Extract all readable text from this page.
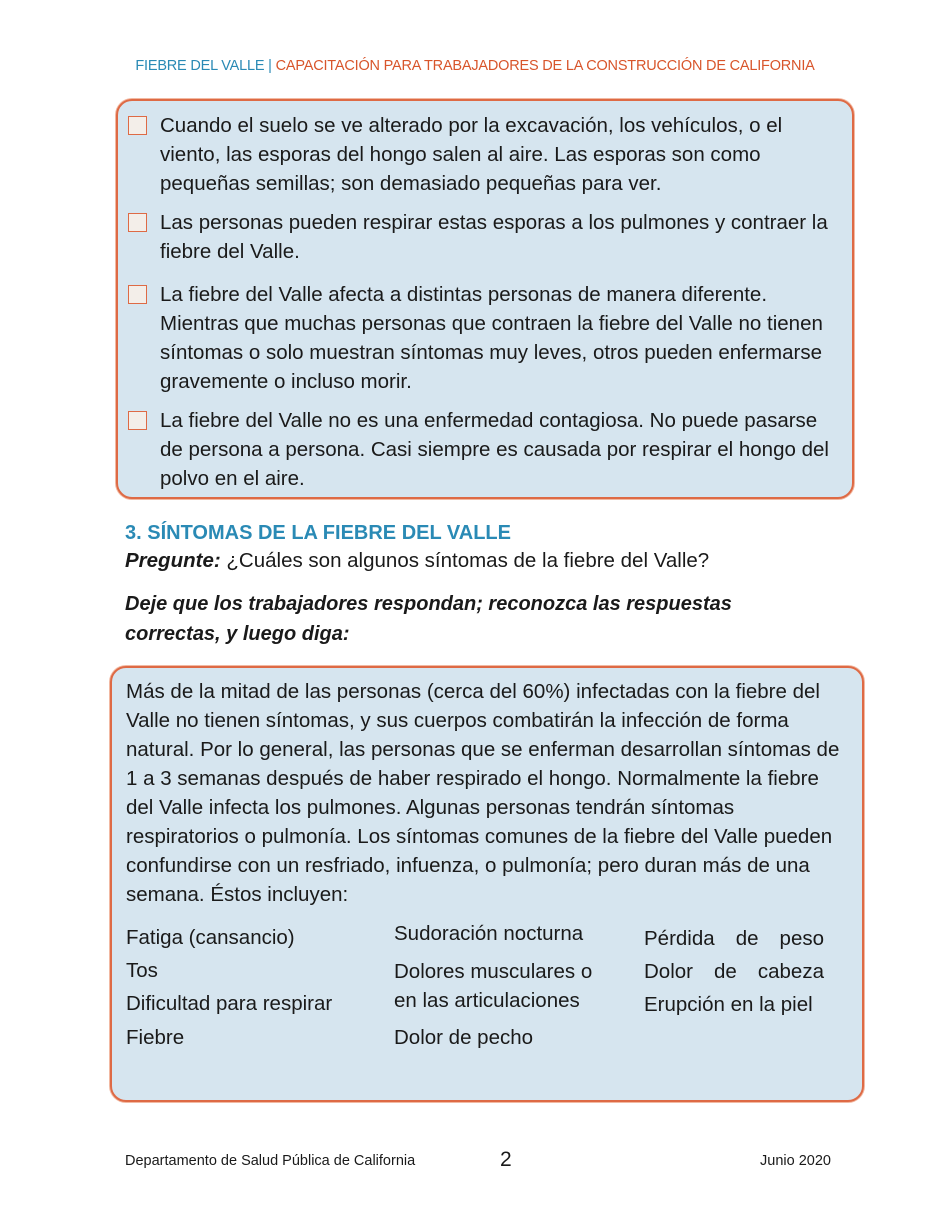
FIEBRE DEL VALLE | CAPACITACIÓN PARA TRABAJADORES DE LA CONSTRUCCIÓN DE CALIFORNIA
Cuando el suelo se ve alterado por la excavación, los vehículos, o el viento, las esporas del hongo salen al aire. Las esporas son como pequeñas semillas; son demasiado pequeñas para ver.
Las personas pueden respirar estas esporas a los pulmones y contraer la fiebre del Valle.
La fiebre del Valle afecta a distintas personas de manera diferente. Mientras que muchas personas que contraen la fiebre del Valle no tienen síntomas o solo muestran síntomas muy leves, otros pueden enfermarse gravemente o incluso morir.
La fiebre del Valle no es una enfermedad contagiosa. No puede pasarse de persona a persona. Casi siempre es causada por respirar el hongo del polvo en el aire.
3. SÍNTOMAS DE LA FIEBRE DEL VALLE
Pregunte: ¿Cuáles son algunos síntomas de la fiebre del Valle?
Deje que los trabajadores respondan; reconozca las respuestas correctas, y luego diga:
Más de la mitad de las personas (cerca del 60%) infectadas con la fiebre del Valle no tienen síntomas, y sus cuerpos combatirán la infección de forma natural. Por lo general, las personas que se enferman desarrollan síntomas de 1 a 3 semanas después de haber respirado el hongo. Normalmente la fiebre del Valle infecta los pulmones. Algunas personas tendrán síntomas respiratorios o pulmonía. Los síntomas comunes de la fiebre del Valle pueden confundirse con un resfriado, infuenza, o pulmonía; pero duran más de una semana. Éstos incluyen:
Fatiga (cansancio)
Tos
Dificultad para respirar
Fiebre
Sudoración nocturna
Dolores musculares o
en las articulaciones
Dolor de pecho
Pérdida de peso
Dolor de cabeza
Erupción en la piel
Departamento de Salud Pública de California	2	Junio 2020
